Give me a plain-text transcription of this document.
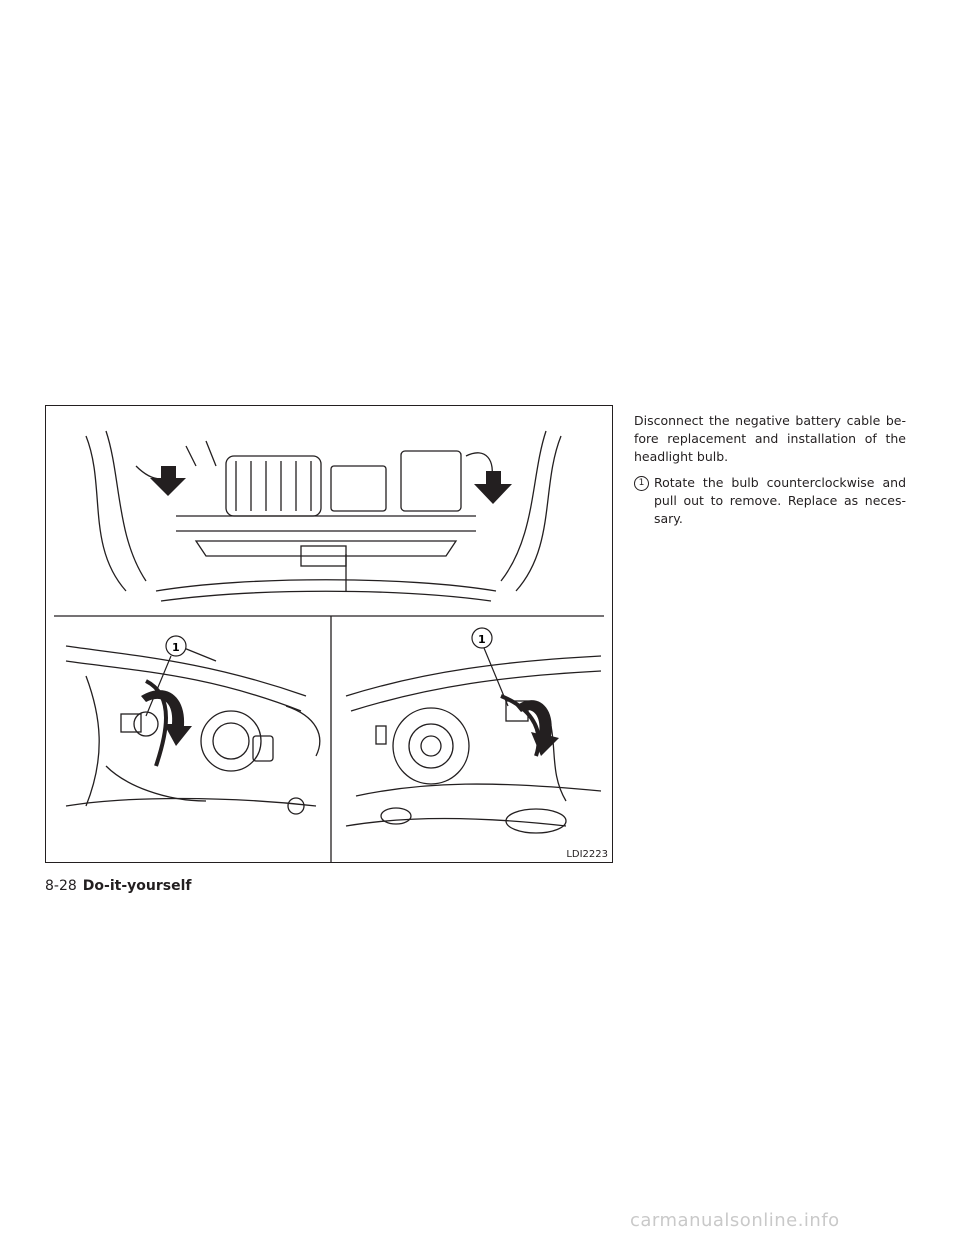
1
1
LDI2223

Disconnect the negative battery cable be-fore replacement and installation of the headlight bulb.

1 Rotate the bulb counterclockwise and pull out to remove. Replace as neces-sary.
8-28 Do-it-yourself
carmanualsonline.info
